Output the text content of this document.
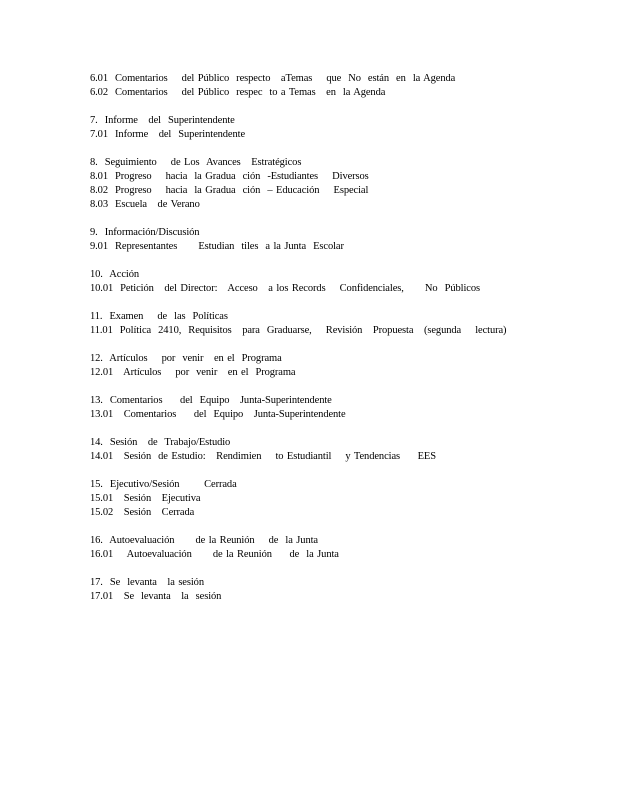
6.01  Comentarios    del Público  respecto   aTemas    que  No  están  en  la Agenda
6.02  Comentarios    del Público  respec  to a Temas   en  la Agenda
7.  Informe   del  Superintendente
7.01  Informe   del  Superintendente
8.  Seguimiento    de Los  Avances   Estratégicos
8.01  Progreso    hacia  la Gradua  ción  -Estudiantes    Diversos
8.02  Progreso    hacia  la Gradua  ción  – Educación    Especial
8.03  Escuela   de Verano
9.  Información/Discusión
9.01  Representantes      Estudian  tiles  a la Junta  Escolar
10.  Acción
10.01  Petición   del Director:   Acceso   a los Records    Confidenciales,      No  Públicos
11.  Examen    de  las  Políticas
11.01  Política  2410,  Requisitos   para  Graduarse,    Revisión   Propuesta   (segunda    lectura)
12.  Artículos    por  venir   en el  Programa
12.01   Artículos    por  venir   en el  Programa
13.  Comentarios     del  Equipo   Junta-Superintendente
13.01   Comentarios     del  Equipo   Junta-Superintendente
14.  Sesión   de  Trabajo/Estudio
14.01   Sesión  de Estudio:   Rendimien    to Estudiantil    y Tendencias     EES
15.  Ejecutivo/Sesión       Cerrada
15.01   Sesión   Ejecutiva
15.02   Sesión   Cerrada
16.  Autoevaluación      de la Reunión    de  la Junta
16.01    Autoevaluación      de la Reunión     de  la Junta
17.  Se  levanta   la sesión
17.01   Se  levanta   la  sesión
